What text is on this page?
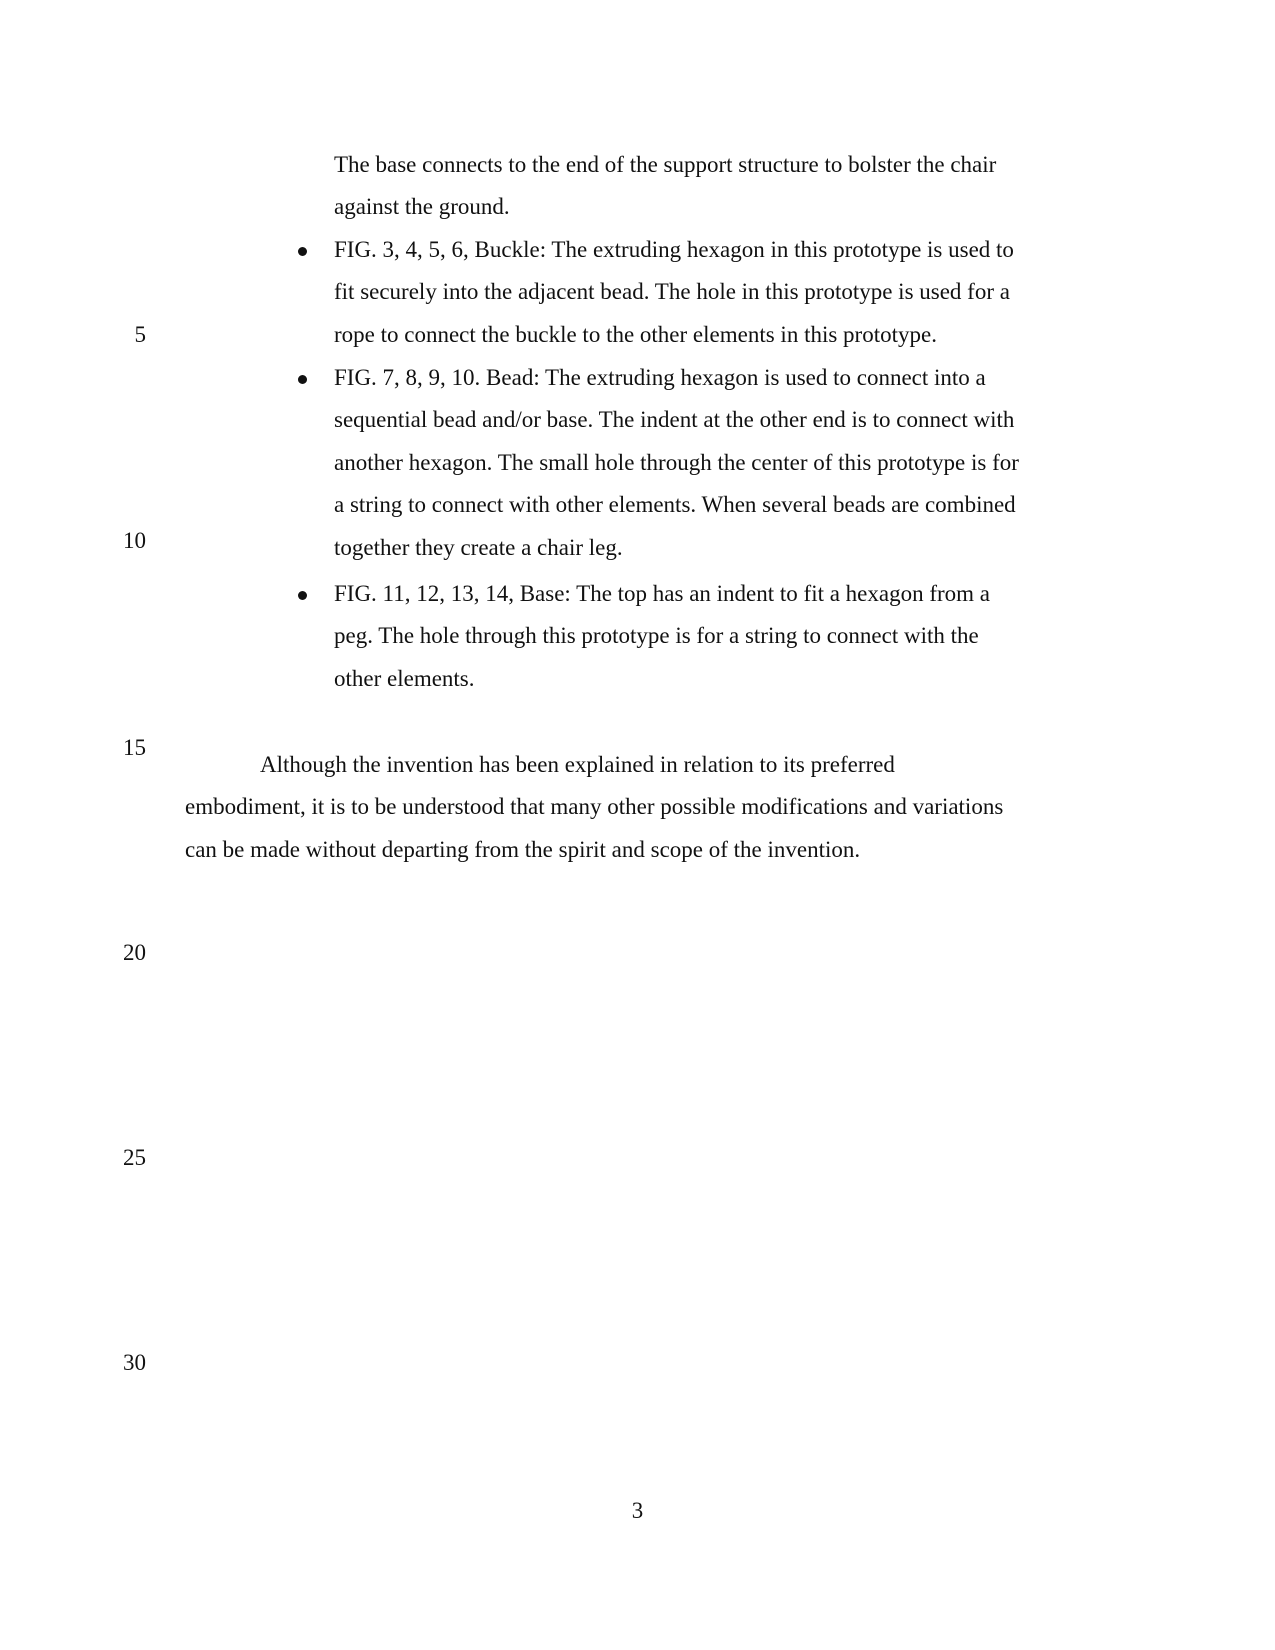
5
10
15
20
25
30
The base connects to the end of the support structure to bolster the chair
against the ground.
FIG. 3, 4, 5, 6, Buckle: The extruding hexagon in this prototype is used to
fit securely into the adjacent bead. The hole in this prototype is used for a
rope to connect the buckle to the other elements in this prototype.
FIG. 7, 8, 9, 10. Bead: The extruding hexagon is used to connect into a
sequential bead and/or base. The indent at the other end is to connect with
another hexagon. The small hole through the center of this prototype is for
a string to connect with other elements. When several beads are combined
together they create a chair leg.
FIG. 11, 12, 13, 14, Base: The top has an indent to fit a hexagon from a
peg. The hole through this prototype is for a string to connect with the
other elements.
Although the invention has been explained in relation to its preferred
embodiment, it is to be understood that many other possible modifications and variations
can be made without departing from the spirit and scope of the invention.
3
